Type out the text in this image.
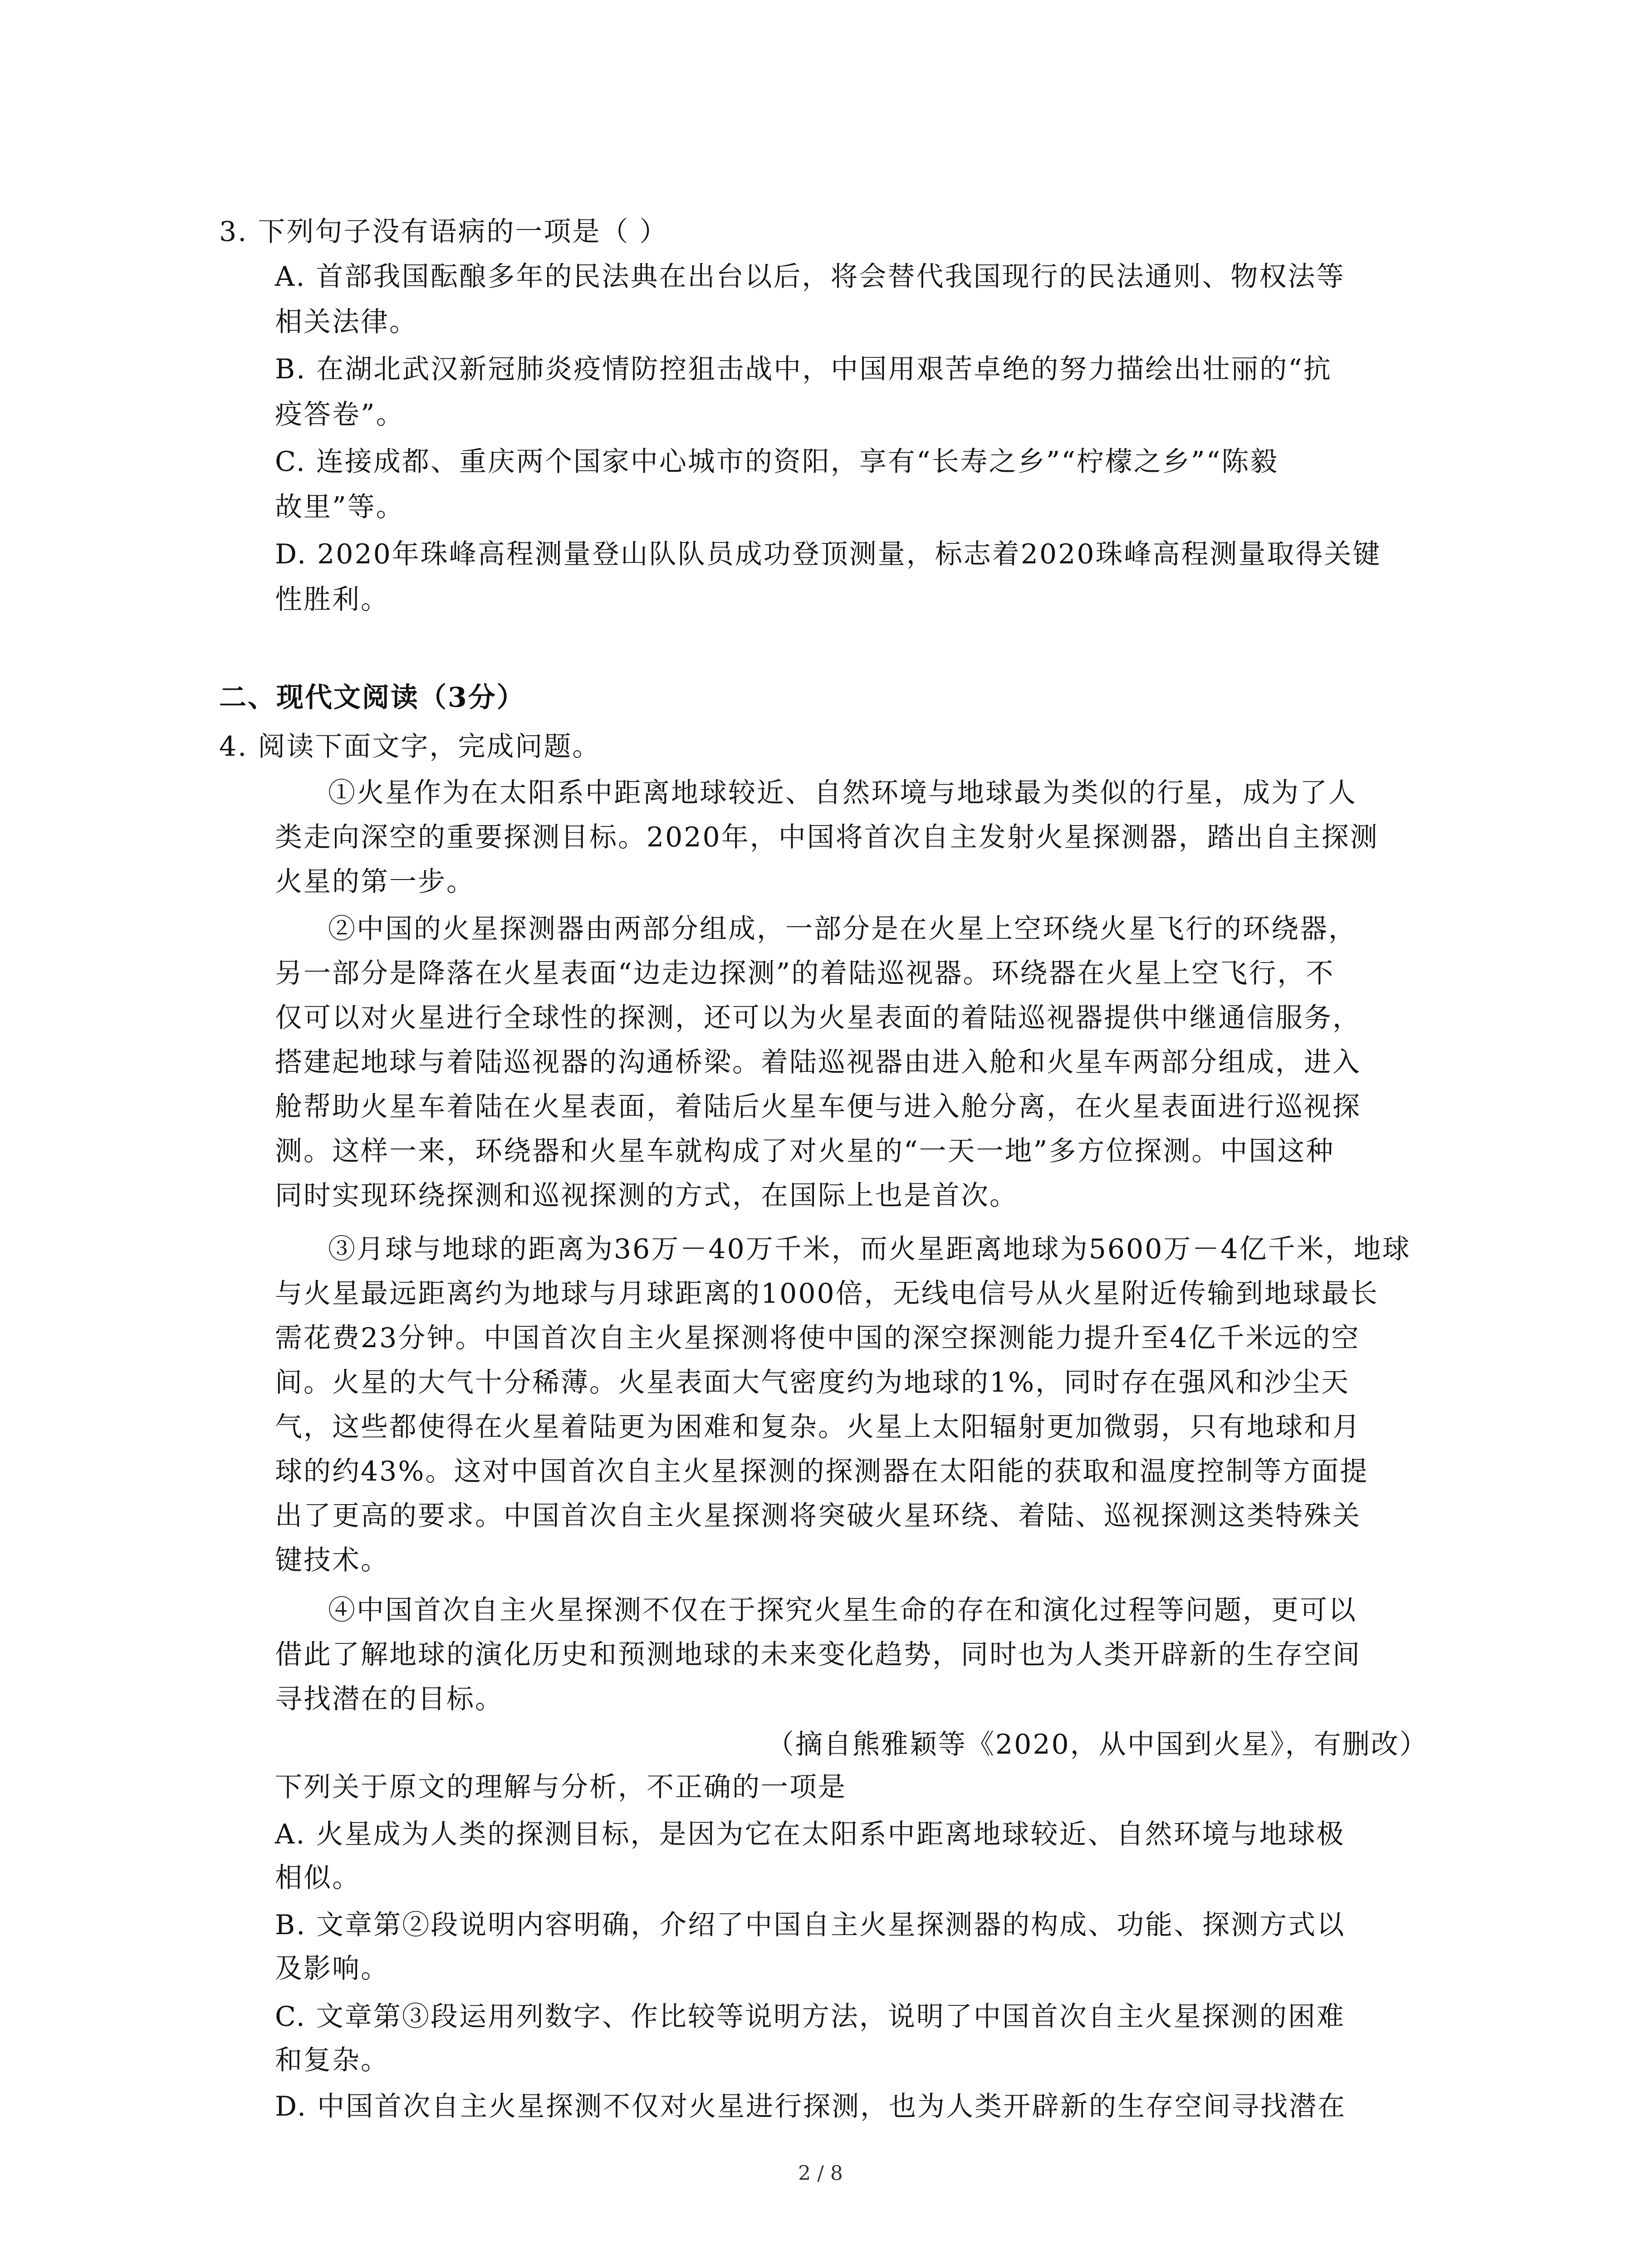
3. 下列句子没有语病的一项是（ ）
A. 首部我国酝酿多年的民法典在出台以后，将会替代我国现行的民法通则、物权法等
相关法律。
B. 在湖北武汉新冠肺炎疫情防控狙击战中，中国用艰苦卓绝的努力描绘出壮丽的“抗
疫答卷”。
C. 连接成都、重庆两个国家中心城市的资阳，享有“长寿之乡”“柠檬之乡”“陈毅
故里”等。
D. 2020年珠峰高程测量登山队队员成功登顶测量，标志着2020珠峰高程测量取得关键
性胜利。
二、现代文阅读（3分）
4. 阅读下面文字，完成问题。
①火星作为在太阳系中距离地球较近、自然环境与地球最为类似的行星，成为了人
类走向深空的重要探测目标。2020年，中国将首次自主发射火星探测器，踏出自主探测
火星的第一步。
②中国的火星探测器由两部分组成，一部分是在火星上空环绕火星飞行的环绕器，
另一部分是降落在火星表面“边走边探测”的着陆巡视器。环绕器在火星上空飞行，不
仅可以对火星进行全球性的探测，还可以为火星表面的着陆巡视器提供中继通信服务，
搭建起地球与着陆巡视器的沟通桥梁。着陆巡视器由进入舱和火星车两部分组成，进入
舱帮助火星车着陆在火星表面，着陆后火星车便与进入舱分离，在火星表面进行巡视探
测。这样一来，环绕器和火星车就构成了对火星的“一天一地”多方位探测。中国这种
同时实现环绕探测和巡视探测的方式，在国际上也是首次。
③月球与地球的距离为36万－40万千米，而火星距离地球为5600万－4亿千米，地球
与火星最远距离约为地球与月球距离的1000倍，无线电信号从火星附近传输到地球最长
需花费23分钟。中国首次自主火星探测将使中国的深空探测能力提升至4亿千米远的空
间。火星的大气十分稀薄。火星表面大气密度约为地球的1%，同时存在强风和沙尘天
气，这些都使得在火星着陆更为困难和复杂。火星上太阳辐射更加微弱，只有地球和月
球的约43%。这对中国首次自主火星探测的探测器在太阳能的获取和温度控制等方面提
出了更高的要求。中国首次自主火星探测将突破火星环绕、着陆、巡视探测这类特殊关
键技术。
④中国首次自主火星探测不仅在于探究火星生命的存在和演化过程等问题，更可以
借此了解地球的演化历史和预测地球的未来变化趋势，同时也为人类开辟新的生存空间
寻找潜在的目标。
（摘自熊雅颖等《2020，从中国到火星》，有删改）
下列关于原文的理解与分析，不正确的一项是
A. 火星成为人类的探测目标，是因为它在太阳系中距离地球较近、自然环境与地球极
相似。
B. 文章第②段说明内容明确，介绍了中国自主火星探测器的构成、功能、探测方式以
及影响。
C. 文章第③段运用列数字、作比较等说明方法，说明了中国首次自主火星探测的困难
和复杂。
D. 中国首次自主火星探测不仅对火星进行探测，也为人类开辟新的生存空间寻找潜在
2 / 8
